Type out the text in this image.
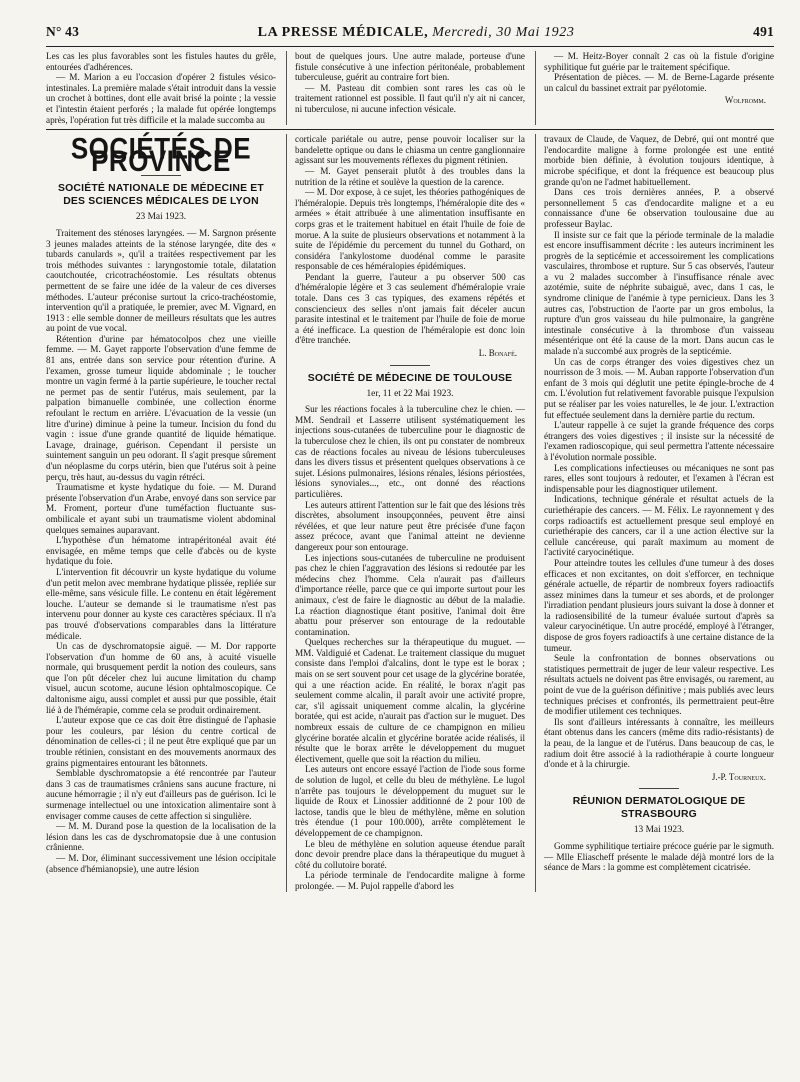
N° 43	LA PRESSE MÉDICALE, Mercredi, 30 Mai 1923	491

Les cas les plus favorables sont les fistules hautes du grêle, entourées d'adhérences.

— M. Marion a eu l'occasion d'opérer 2 fistules vésico-intestinales. La première malade s'était introduit dans la vessie un crochet à bottines, dont elle avait brisé la pointe ; la vessie et l'intestin étaient perforés ; la malade fut opérée longtemps après, l'opération fut très difficile et la malade succomba au

bout de quelques jours. Une autre malade, porteuse d'une fistule consécutive à une infection péritonéale, probablement tuberculeuse, guérit au contraire fort bien.

— M. Pasteau dit combien sont rares les cas où le traitement rationnel est possible. Il faut qu'il n'y ait ni cancer, ni tuberculose, ni aucune infection vésicale.

— M. Heitz-Boyer connaît 2 cas où la fistule d'origine syphilitique fut guérie par le traitement spécifique.

Présentation de pièces. — M. de Berne-Lagarde présente un calcul du bassinet extrait par pyélotomie.

Wolfromm.
SOCIÉTÉS DE PROVINCE
SOCIÉTÉ NATIONALE DE MÉDECINE ET DES SCIENCES MÉDICALES DE LYON
23 Mai 1923.

Traitement des sténoses laryngées. — M. Sargnon présente 3 jeunes malades atteints de la sténose laryngée, dite des « tubards canulards », qu'il a traitées respectivement par les trois méthodes suivantes : laryngostomie totale, dilatation caoutchoutée, cricotrachéostomie. Les résultats obtenus permettent de se faire une idée de la valeur de ces diverses méthodes. L'auteur préconise surtout la crico-trachéostomie, intervention qu'il a pratiquée, le premier, avec M. Vignard, en 1913 : elle semble donner de meilleurs résultats que les autres au point de vue vocal.

Rétention d'urine par hématocolpos chez une vieille femme. — M. Gayet rapporte l'observation d'une femme de 81 ans, entrée dans son service pour rétention d'urine. A l'examen, grosse tumeur liquide abdominale ; le toucher montre un vagin fermé à la partie supérieure, le toucher rectal ne permet pas de sentir l'utérus, mais seulement, par la palpation bimanuelle combinée, une collection énorme refoulant le rectum en arrière. L'évacuation de la vessie (un litre d'urine) diminue à peine la tumeur. Incision du fond du vagin : issue d'une grande quantité de liquide hématique. Lavage, drainage, guérison. Cependant il persiste un suintement sanguin un peu odorant. Il s'agit presque sûrement d'un néoplasme du corps utérin, bien que l'utérus soit à peine perçu, très haut, au-dessus du vagin rétréci.

Traumatisme et kyste hydatique du foie. — M. Durand présente l'observation d'un Arabe, envoyé dans son service par M. Froment, porteur d'une tuméfaction fluctuante sus-ombilicale et ayant subi un traumatisme violent abdominal quelques semaines auparavant.

L'hypothèse d'un hématome intrapéritonéal avait été envisagée, en même temps que celle d'abcès ou de kyste hydatique du foie.

L'intervention fit découvrir un kyste hydatique du volume d'un petit melon avec membrane hydatique plissée, repliée sur elle-même, sans vésicule fille. Le contenu en était légèrement louche. L'auteur se demande si le traumatisme n'est pas intervenu pour donner au kyste ces caractères spéciaux. Il n'a pas trouvé d'observations comparables dans la littérature médicale.

Un cas de dyschromatopsie aiguë. — M. Dor rapporte l'observation d'un homme de 60 ans, à acuité visuelle normale, qui brusquement perdit la notion des couleurs, sans que l'on pût déceler chez lui aucune limitation du champ visuel, aucun scotome, aucune lésion ophtalmoscopique. Ce daltonisme aigu, aussi complet et aussi pur que possible, était lié à de l'hémérapie, comme cela se produit ordinairement.

L'auteur expose que ce cas doit être distingué de l'aphasie pour les couleurs, par lésion du centre cortical de dénomination de celles-ci ; il ne peut être expliqué que par un trouble rétinien, consistant en des mouvements anormaux des grains pigmentaires entourant les bâtonnets.

Semblable dyschromatopsie a été rencontrée par l'auteur dans 3 cas de traumatismes crâniens sans aucune fracture, ni aucune hémorragie ; il n'y eut d'ailleurs pas de guérison. Ici le surmenage intellectuel ou une intoxication alimentaire sont à envisager comme causes de cette affection si singulière.

— M. M. Durand pose la question de la localisation de la lésion dans les cas de dyschromatopsie due à une contusion crânienne.

— M. Dor, éliminant successivement une lésion occipitale (absence d'hémianopsie), une autre lésion

corticale pariétale ou autre, pense pouvoir localiser sur la bandelette optique ou dans le chiasma un centre ganglionnaire agissant sur les mouvements réflexes du pigment rétinien.

— M. Gayet penserait plutôt à des troubles dans la nutrition de la rétine et soulève la question de la carence.

— M. Dor expose, à ce sujet, les théories pathogéniques de l'héméralopie. Depuis très longtemps, l'héméralopie dite des « armées » était attribuée à une alimentation insuffisante en corps gras et le traitement habituel en était l'huile de foie de morue. A la suite de plusieurs observations et notamment à la suite de l'épidémie du percement du tunnel du Gothard, on considéra l'ankylostome duodénal comme le parasite responsable de ces héméralopies épidémiques.

Pendant la guerre, l'auteur a pu observer 500 cas d'héméralopie légère et 3 cas seulement d'héméralopie vraie totale. Dans ces 3 cas typiques, des examens répétés et consciencieux des selles n'ont jamais fait déceler aucun parasite intestinal et le traitement par l'huile de foie de morue a été inefficace. La question de l'héméralopie est donc loin d'être tranchée.

L. Bonafé.
SOCIÉTÉ DE MÉDECINE DE TOULOUSE
1er, 11 et 22 Mai 1923.

Sur les réactions focales à la tuberculine chez le chien. — MM. Sendrail et Lasserre utilisent systématiquement les injections sous-cutanées de tuberculine pour le diagnostic de la tuberculose chez le chien, ils ont pu constater de nombreux cas de réactions focales au niveau de lésions tuberculeuses dans les divers tissus et présentent quelques observations à ce sujet. Lésions pulmonaires, lésions rénales, lésions périostées, lésions synoviales..., etc., ont donné des réactions particulières.

Les auteurs attirent l'attention sur le fait que des lésions très discrètes, absolument insoupçonnées, peuvent être ainsi révélées, et que leur nature peut être précisée d'une façon assez précoce, avant que l'animal atteint ne devienne dangereux pour son entourage.

Les injections sous-cutanées de tuberculine ne produisent pas chez le chien l'aggravation des lésions si redoutée par les médecins chez l'homme. Cela n'aurait pas d'ailleurs d'importance réelle, parce que ce qui importe surtout pour les animaux, c'est de faire le diagnostic au début de la maladie. La réaction diagnostique étant positive, l'animal doit être abattu pour préserver son entourage de la redoutable contamination.

Quelques recherches sur la thérapeutique du muguet. — MM. Valdiguié et Cadenat. Le traitement classique du muguet consiste dans l'emploi d'alcalins, dont le type est le borax ; mais on se sert souvent pour cet usage de la glycérine boratée, qui a une réaction acide. En réalité, le borax n'agit pas seulement comme alcalin, il paraît avoir une activité propre, car, s'il agissait uniquement comme alcalin, la glycérine boratée, qui est acide, n'aurait pas d'action sur le muguet. Des nombreux essais de culture de ce champignon en milieu glycérine boratée alcalin et glycérine boratée acide réalisés, il résulte que le borax arrête le développement du muguet électivement, quelle que soit la réaction du milieu.

Les auteurs ont encore essayé l'action de l'iode sous forme de solution de lugol, et celle du bleu de méthylène. Le lugol n'arrête pas toujours le développement du muguet sur le liquide de Roux et Linossier additionné de 2 pour 100 de lactose, tandis que le bleu de méthylène, même en solution très étendue (1 pour 100.000), arrête complètement le développement de ce champignon.

Le bleu de méthylène en solution aqueuse étendue paraît donc devoir prendre place dans la thérapeutique du muguet à côté du collutoire boraté.

La période terminale de l'endocardite maligne à forme prolongée. — M. Pujol rappelle d'abord les

travaux de Claude, de Vaquez, de Debré, qui ont montré que l'endocardite maligne à forme prolongée est une entité morbide bien définie, à évolution toujours identique, à microbe spécifique, et dont la fréquence est beaucoup plus grande qu'on ne l'admet habituellement.

Dans ces trois dernières années, P. a observé personnellement 5 cas d'endocardite maligne et a eu connaissance d'une 6e observation toulousaine due au professeur Baylac.

Il insiste sur ce fait que la période terminale de la maladie est encore insuffisamment décrite : les auteurs incriminent les progrès de la septicémie et accessoirement les complications vasculaires, thrombose et rupture. Sur 5 cas observés, l'auteur a vu 2 malades succomber à l'insuffisance rénale avec azotémie, suite de néphrite subaiguë, avec, dans 1 cas, le syndrome clinique de l'anémie à type pernicieux. Dans les 3 autres cas, l'obstruction de l'aorte par un gros embolus, la rupture d'un gros vaisseau du hile pulmonaire, la gangrène intestinale consécutive à la thrombose d'un vaisseau mésentérique ont été la cause de la mort. Dans aucun cas le malade n'a succombé aux progrès de la septicémie.

Un cas de corps étranger des voies digestives chez un nourrisson de 3 mois. — M. Auban rapporte l'observation d'un enfant de 3 mois qui déglutit une petite épingle-broche de 4 cm. L'évolution fut relativement favorable puisque l'expulsion put se réaliser par les voies naturelles, le 4e jour. L'extraction fut effectuée seulement dans la dernière partie du rectum.

L'auteur rappelle à ce sujet la grande fréquence des corps étrangers des voies digestives ; il insiste sur la nécessité de l'examen radioscopique, qui seul permettra l'attente nécessaire à l'évolution normale possible.

Les complications infectieuses ou mécaniques ne sont pas rares, elles sont toujours à redouter, et l'examen à l'écran est indispensable pour les diagnostiquer utilement.

Indications, technique générale et résultat actuels de la curiethérapie des cancers. — M. Félix. Le rayonnement γ des corps radioactifs est actuellement presque seul employé en curiethérapie des cancers, car il a une action élective sur la cellule cancéreuse, qui paraît maximum au moment de l'activité caryocinétique.

Pour atteindre toutes les cellules d'une tumeur à des doses efficaces et non excitantes, on doit s'efforcer, en technique générale actuelle, de répartir de nombreux foyers radioactifs assez minimes dans la tumeur et ses abords, et de prolonger l'irradiation pendant plusieurs jours suivant la dose à donner et la radiosensibilité de la tumeur évaluée surtout d'après sa valeur caryocinétique. Un autre procédé, employé à l'étranger, dispose de gros foyers radioactifs à une certaine distance de la tumeur.

Seule la confrontation de bonnes observations ou statistiques permettrait de juger de leur valeur respective. Les résultats actuels ne doivent pas être envisagés, ou rarement, au point de vue de la guérison définitive ; mais publiés avec leurs techniques précises et confrontés, ils permettraient peut-être de modifier utilement ces techniques.

Ils sont d'ailleurs intéressants à connaître, les meilleurs étant obtenus dans les cancers (même dits radio-résistants) de la peau, de la langue et de l'utérus. Dans beaucoup de cas, le radium doit être associé à la radiothérapie à courte longueur d'onde et à la chirurgie.

J.-P. Tourneux.
RÉUNION DERMATOLOGIQUE DE STRASBOURG
13 Mai 1923.

Gomme syphilitique tertiaire précoce guérie par le sigmuth. — Mlle Eliascheff présente le malade déjà montré lors de la séance de Mars : la gomme est complètement cicatrisée.
